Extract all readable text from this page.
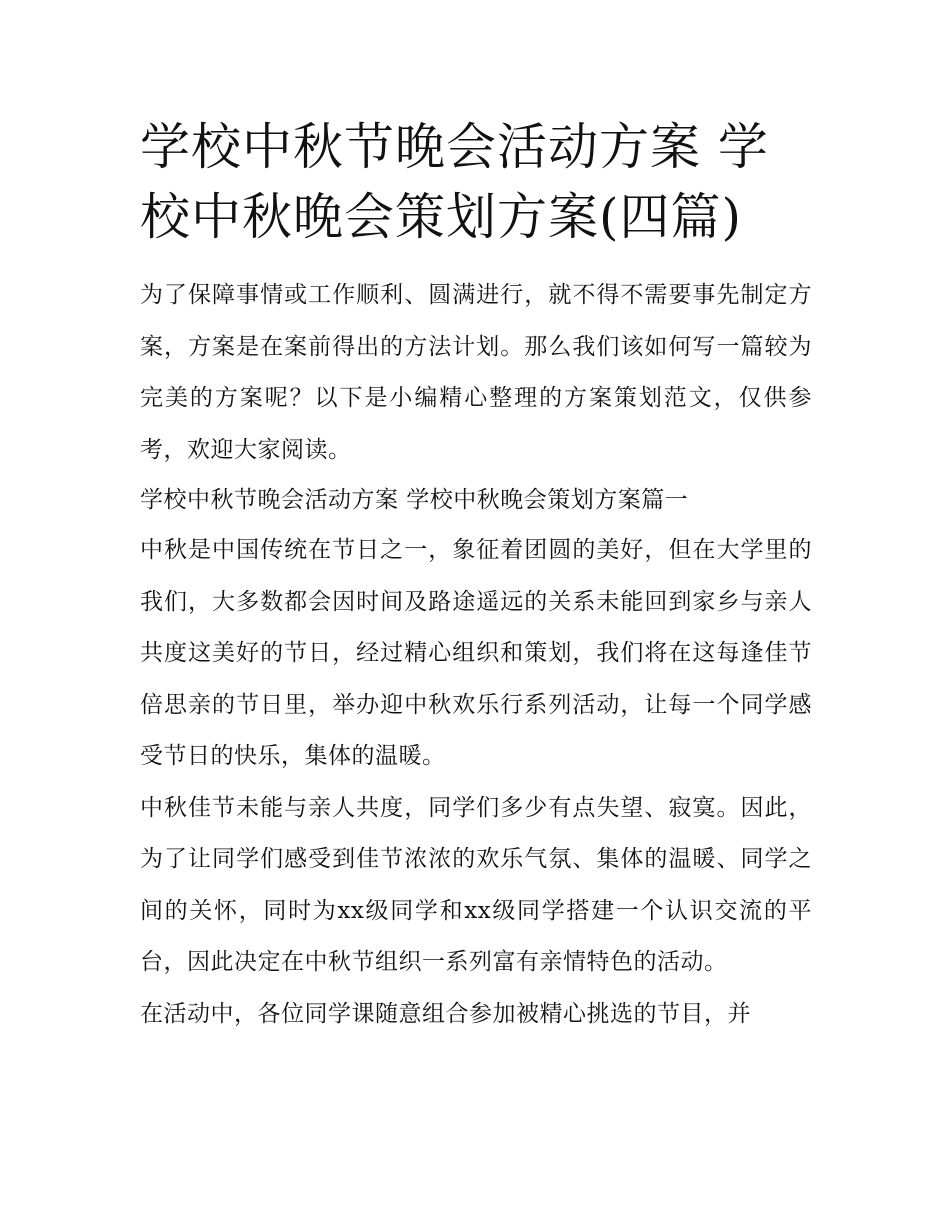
学校中秋节晚会活动方案 学校中秋晚会策划方案(四篇)

为了保障事情或工作顺利、圆满进行，就不得不需要事先制定方案，方案是在案前得出的方法计划。那么我们该如何写一篇较为完美的方案呢？以下是小编精心整理的方案策划范文，仅供参考，欢迎大家阅读。

学校中秋节晚会活动方案 学校中秋晚会策划方案篇一

中秋是中国传统在节日之一，象征着团圆的美好，但在大学里的我们，大多数都会因时间及路途遥远的关系未能回到家乡与亲人共度这美好的节日，经过精心组织和策划，我们将在这每逢佳节倍思亲的节日里，举办迎中秋欢乐行系列活动，让每一个同学感受节日的快乐，集体的温暖。

中秋佳节未能与亲人共度，同学们多少有点失望、寂寞。因此，为了让同学们感受到佳节浓浓的欢乐气氛、集体的温暖、同学之间的关怀，同时为xx级同学和xx级同学搭建一个认识交流的平台，因此决定在中秋节组织一系列富有亲情特色的活动。

在活动中，各位同学课随意组合参加被精心挑选的节目，并
